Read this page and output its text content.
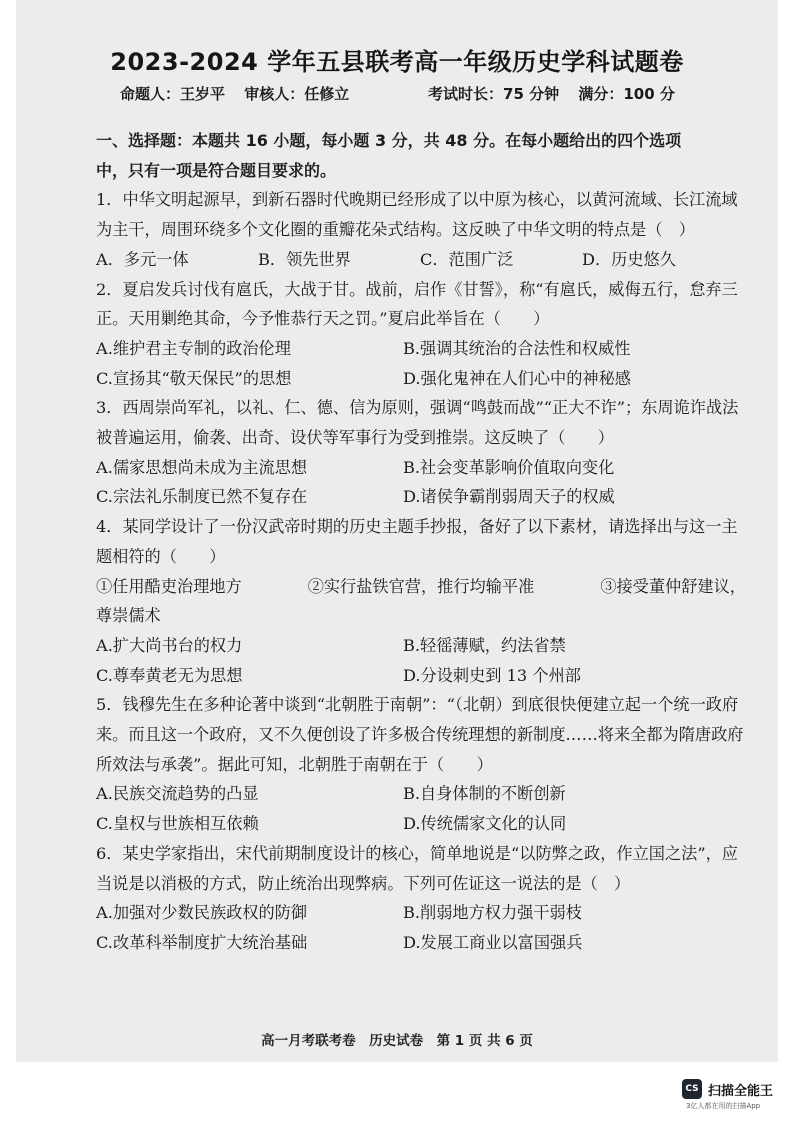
2023-2024 学年五县联考高一年级历史学科试题卷
命题人：王岁平 审核人：任修立	考试时长：75 分钟 满分：100 分
一、选择题：本题共 16 小题，每小题 3 分，共 48 分。在每小题给出的四个选项
中，只有一项是符合题目要求的。
1．中华文明起源早，到新石器时代晚期已经形成了以中原为核心，以黄河流域、长江流域为主干，周围环绕多个文化圈的重瓣花朵式结构。这反映了中华文明的特点是（　）
A．多元一体	B．领先世界	C．范围广泛	D．历史悠久
2．夏启发兵讨伐有扈氏，大战于甘。战前，启作《甘誓》，称“有扈氏，威侮五行，怠弃三正。天用剿绝其命，今予惟恭行天之罚。”夏启此举旨在（　　）
A.维护君主专制的政治伦理	B.强调其统治的合法性和权威性
C.宣扬其“敬天保民”的思想	D.强化鬼神在人们心中的神秘感
3．西周崇尚军礼，以礼、仁、德、信为原则，强调“鸣鼓而战”“正大不诈”；东周诡诈战法被普遍运用，偷袭、出奇、设伏等军事行为受到推崇。这反映了（　　）
A.儒家思想尚未成为主流思想	B.社会变革影响价值取向变化
C.宗法礼乐制度已然不复存在	D.诸侯争霸削弱周天子的权威
4．某同学设计了一份汉武帝时期的历史主题手抄报，备好了以下素材，请选择出与这一主题相符的（　　）
①任用酷吏治理地方	②实行盐铁官营，推行均输平准	③接受董仲舒建议，
尊崇儒术
A.扩大尚书台的权力	B.轻徭薄赋，约法省禁
C.尊奉黄老无为思想	D.分设刺史到 13 个州部
5．钱穆先生在多种论著中谈到“北朝胜于南朝”：“（北朝）到底很快便建立起一个统一政府来。而且这一个政府，又不久便创设了许多极合传统理想的新制度……将来全都为隋唐政府所效法与承袭”。据此可知，北朝胜于南朝在于（　　）
A.民族交流趋势的凸显	B.自身体制的不断创新
C.皇权与世族相互依赖	D.传统儒家文化的认同
6．某史学家指出，宋代前期制度设计的核心，简单地说是“以防弊之政，作立国之法”，应当说是以消极的方式，防止统治出现弊病。下列可佐证这一说法的是（　）
A.加强对少数民族政权的防御	B.削弱地方权力强干弱枝
C.改革科举制度扩大统治基础	D.发展工商业以富国强兵
高一月考联考卷　历史试卷　第 1 页 共 6 页
CS 扫描全能王
3亿人都在用的扫描App
